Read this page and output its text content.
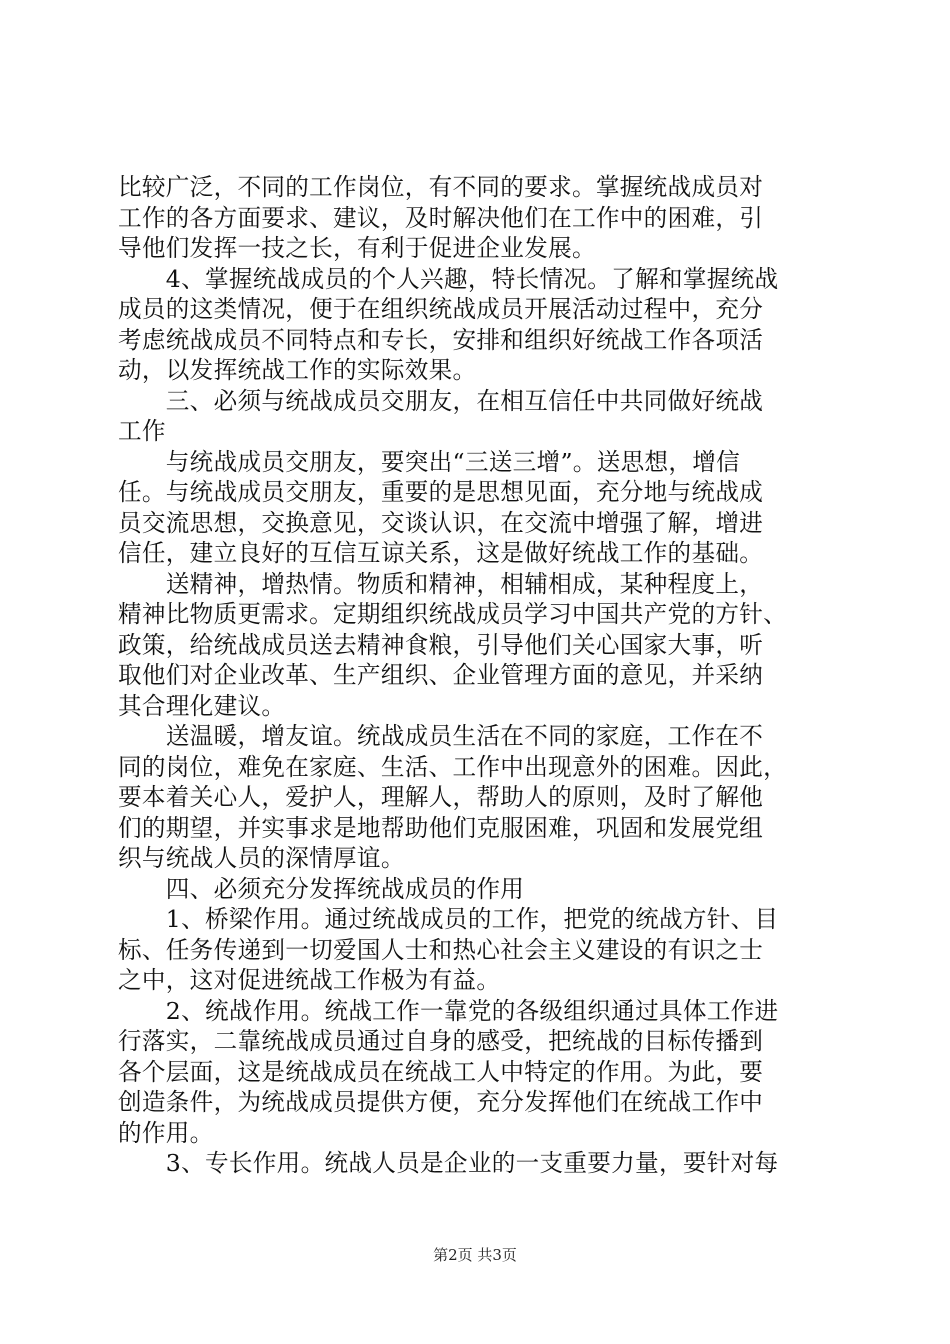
比较广泛，不同的工作岗位，有不同的要求。掌握统战成员对
工作的各方面要求、建议，及时解决他们在工作中的困难，引
导他们发挥一技之长，有利于促进企业发展。
　　4、掌握统战成员的个人兴趣，特长情况。了解和掌握统战
成员的这类情况，便于在组织统战成员开展活动过程中，充分
考虑统战成员不同特点和专长，安排和组织好统战工作各项活
动，以发挥统战工作的实际效果。
　　三、必须与统战成员交朋友，在相互信任中共同做好统战
工作
　　与统战成员交朋友，要突出“三送三增”。送思想，增信
任。与统战成员交朋友，重要的是思想见面，充分地与统战成
员交流思想，交换意见，交谈认识，在交流中增强了解，增进
信任，建立良好的互信互谅关系，这是做好统战工作的基础。
　　送精神，增热情。物质和精神，相辅相成，某种程度上，
精神比物质更需求。定期组织统战成员学习中国共产党的方针、
政策，给统战成员送去精神食粮，引导他们关心国家大事，听
取他们对企业改革、生产组织、企业管理方面的意见，并采纳
其合理化建议。
　　送温暖，增友谊。统战成员生活在不同的家庭，工作在不
同的岗位，难免在家庭、生活、工作中出现意外的困难。因此，
要本着关心人，爱护人，理解人，帮助人的原则，及时了解他
们的期望，并实事求是地帮助他们克服困难，巩固和发展党组
织与统战人员的深情厚谊。
　　四、必须充分发挥统战成员的作用
　　1、桥梁作用。通过统战成员的工作，把党的统战方针、目
标、任务传递到一切爱国人士和热心社会主义建设的有识之士
之中，这对促进统战工作极为有益。
　　2、统战作用。统战工作一靠党的各级组织通过具体工作进
行落实，二靠统战成员通过自身的感受，把统战的目标传播到
各个层面，这是统战成员在统战工人中特定的作用。为此，要
创造条件，为统战成员提供方便，充分发挥他们在统战工作中
的作用。
　　3、专长作用。统战人员是企业的一支重要力量，要针对每
第2页 共3页
